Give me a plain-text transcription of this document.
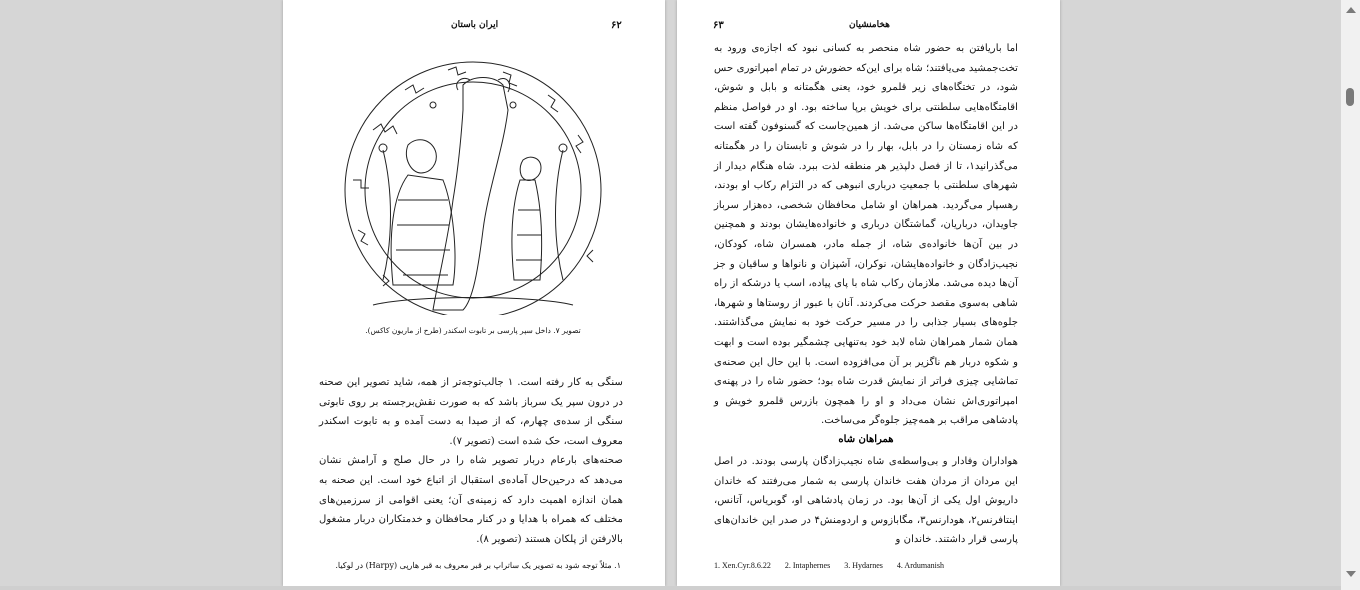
ایران باستان	۶۲
تصویر ۷. داخل سپر پارسی بر تابوت اسکندر (طرح از ماریون کاکس).

سنگی به کار رفته است. ۱ جالب‌توجه‌تر از همه، شاید تصویر این صحنه در درون سپر یک سرباز باشد که به صورت نقش‌برجسته بر روی تابوتی سنگی از سده‌ی چهارم، که از صیدا به دست آمده و به تابوت اسکندر معروف است، حک شده است (تصویر ۷).

صحنه‌های بارعام دربار تصویر شاه را در حال صلح و آرامش نشان می‌دهد که درحین‌حال آماده‌ی استقبال از اتباع خود است. این صحنه به همان اندازه اهمیت دارد که زمینه‌ی آن؛ یعنی اقوامی از سرزمین‌های مختلف که همراه با هدایا و در کنار محافظان و خدمتکاران دربار مشغول بالارفتن از پلکان هستند (تصویر ۸).

۱. مثلاً توجه شود به تصویر یک ساتراپ بر قبر معروف به قبر هارپی (Harpy) در لوکیا.
۶۳	هخامنشیان

اما باریافتن به حضور شاه منحصر به کسانی نبود که اجازه‌ی ورود به تخت‌جمشید می‌یافتند؛ شاه برای این‌که حضورش در تمام امپراتوری حس شود، در تختگاه‌های زیر قلمرو خود، یعنی هگمتانه و بابل و شوش، اقامتگاه‌هایی سلطنتی برای خویش برپا ساخته بود. او در فواصل منظم در این اقامتگاه‌ها ساکن می‌شد. از همین‌جاست که گسنوفون گفته است که شاه زمستان را در بابل، بهار را در شوش و تابستان را در هگمتانه می‌گذرانید۱، تا از فصل دلپذیر هر منطقه لذت ببرد. شاه هنگام دیدار از شهرهای سلطنتی با جمعیتِ درباری انبوهی که در التزام رکاب او بودند، رهسپار می‌گردید. همراهان او شامل محافظان شخصی، ده‌هزار سرباز جاویدان، درباریان، گماشتگان درباری و خانواده‌هایشان بودند و همچنین در بین آن‌ها خانواده‌ی شاه، از جمله مادر، همسران شاه، کودکان، نجیب‌زادگان و خانواده‌هایشان، نوکران، آشپزان و نانواها و ساقیان و جز آن‌ها دیده می‌شد. ملازمان رکاب شاه با پای پیاده، اسب یا درشکه از راه شاهی به‌سوی مقصد حرکت می‌کردند. آنان با عبور از روستاها و شهرها، جلوه‌های بسیار جذابی را در مسیر حرکت خود به نمایش می‌گذاشتند. همان شمار همراهان شاه لابد خود به‌تنهایی چشمگیر بوده است و ابهت و شکوه دربار هم ناگزیر بر آن می‌افزوده است. با این حال این صحنه‌ی تماشایی چیزی فراتر از نمایش قدرت شاه بود؛ حضور شاه را در پهنه‌ی امپراتوری‌اش نشان می‌داد و او را همچون بازرس قلمرو خویش و پادشاهی مراقب بر همه‌چیز جلوه‌گر می‌ساخت.

همراهان شاه

هواداران وفادار و بی‌واسطه‌ی شاه نجیب‌زادگان پارسی بودند. در اصل این مردان از مردان هفت خاندان پارسی به شمار می‌رفتند که خاندان داریوش اول یکی از آن‌ها بود. در زمان پادشاهی او، گوبریاس، آتانس، اینتافرنس۲، هودارنس۳، مگابازوس و اردومنش۴ در صدر این خاندان‌های پارسی قرار داشتند. خاندان و

1. Xen.Cyr.8.6.22 2. Intaphernes 3. Hydarnes 4. Ardumanish
